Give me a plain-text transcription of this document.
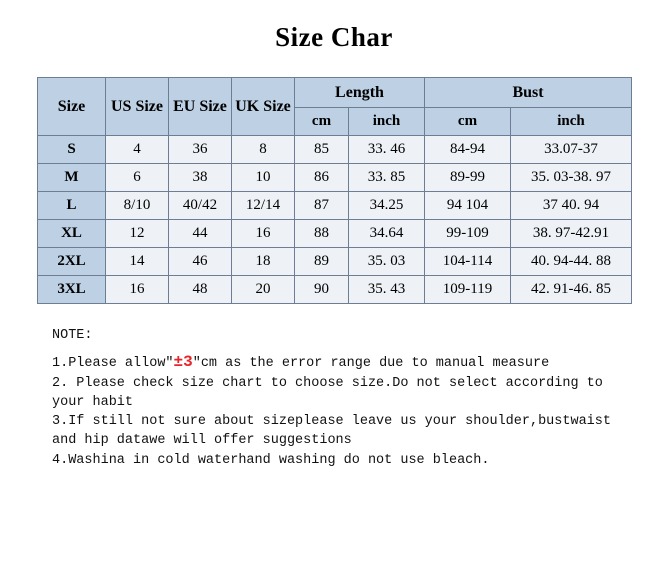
Size Char
Size	US Size	EU Size	UK Size	Length		Bust	
				cm	inch	cm	inch
S	4	36	8	85	33. 46	84-94	33.07-37
M	6	38	10	86	33. 85	89-99	35. 03-38. 97
L	8/10	40/42	12/14	87	34.25	94 104	37 40. 94
XL	12	44	16	88	34.64	99-109	38. 97-42.91
2XL	14	46	18	89	35. 03	104-114	40. 94-44. 88
3XL	16	48	20	90	35. 43	109-119	42. 91-46. 85
NOTE:
1.Please allow″±3″cm as the error range due to manual measure
2. Please check size chart to choose size.Do not select according to your habit
3.If still not sure about sizeplease leave us your shoulder,bustwaist and hip datawe will offer suggestions
4.Washina in cold waterhand washing do not use bleach.
